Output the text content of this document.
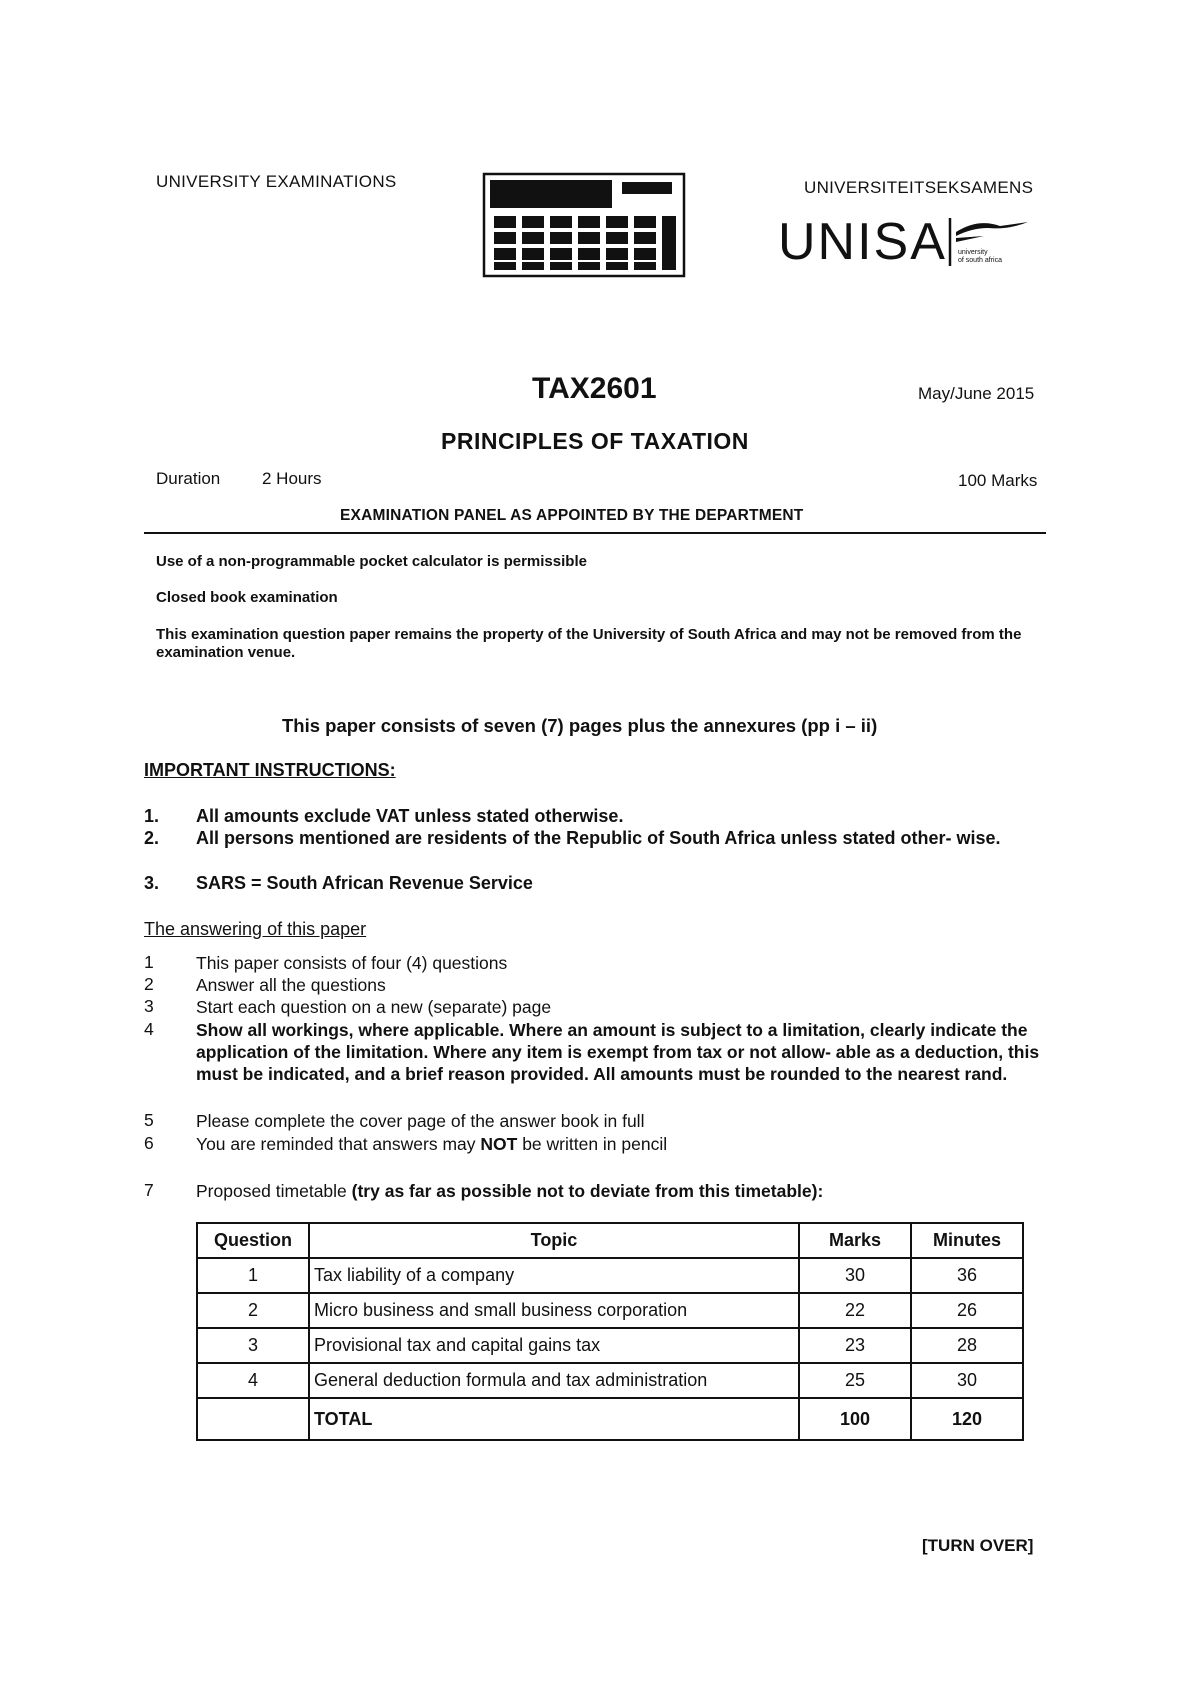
UNIVERSITY EXAMINATIONS	UNIVERSITEITSEKSAMENS
UNISA university
of south africa
TAX2601	May/June 2015
PRINCIPLES OF TAXATION
Duration 2 Hours	100 Marks
EXAMINATION PANEL AS APPOINTED BY THE DEPARTMENT
Use of a non-programmable pocket calculator is permissible
Closed book examination
This examination question paper remains the property of the University of South Africa and may not be removed from the examination venue.
This paper consists of seven (7) pages plus the annexures (pp i – ii)
IMPORTANT INSTRUCTIONS:
1.	All amounts exclude VAT unless stated otherwise.
2.	All persons mentioned are residents of the Republic of South Africa unless stated other- wise.
3.	SARS = South African Revenue Service
The answering of this paper
1	This paper consists of four (4) questions
2	Answer all the questions
3	Start each question on a new (separate) page
4	Show all workings, where applicable. Where an amount is subject to a limitation, clearly indicate the application of the limitation. Where any item is exempt from tax or not allow- able as a deduction, this must be indicated, and a brief reason provided. All amounts must be rounded to the nearest rand.
5	Please complete the cover page of the answer book in full
6	You are reminded that answers may NOT be written in pencil
7	Proposed timetable (try as far as possible not to deviate from this timetable):
Question	Topic	Marks	Minutes
1	Tax liability of a company	30	36
2	Micro business and small business corporation	22	26
3	Provisional tax and capital gains tax	23	28
4	General deduction formula and tax administration	25	30
	TOTAL	100	120
[TURN OVER]
